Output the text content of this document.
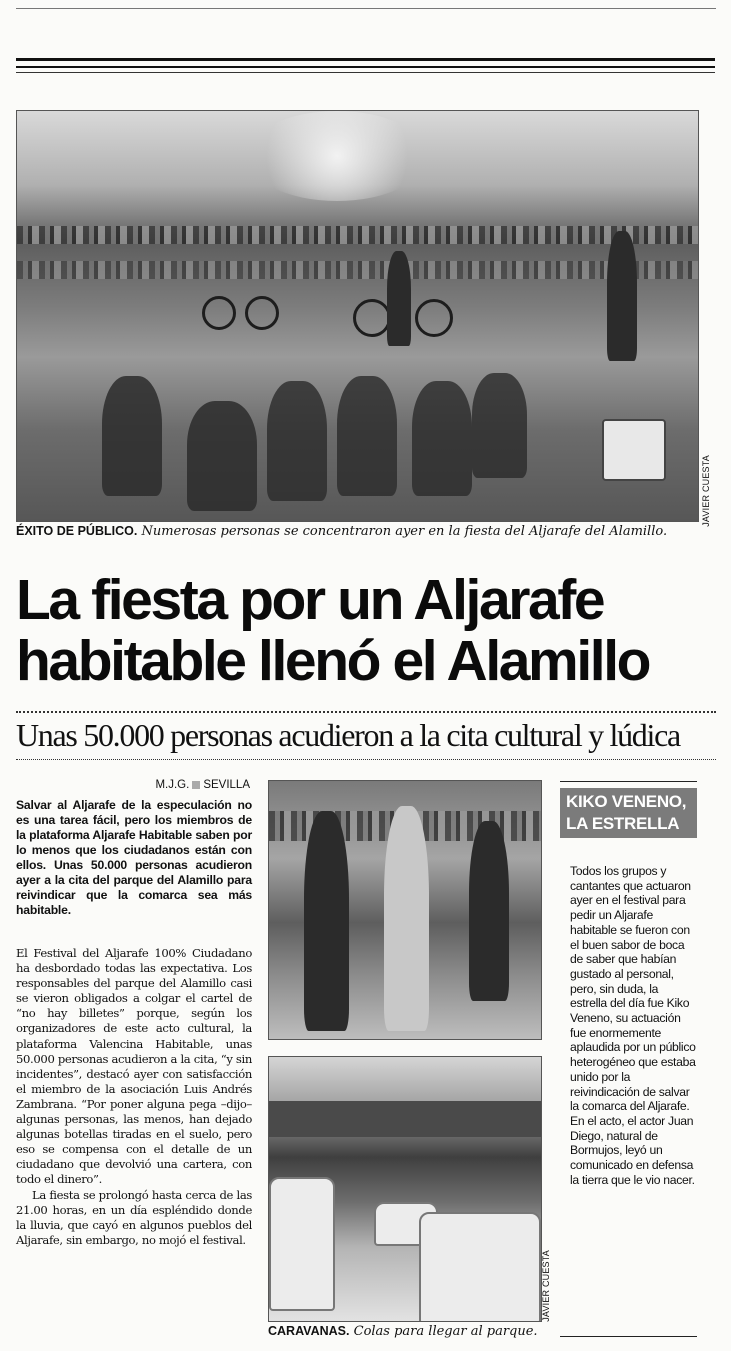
JAVIER CUESTA
ÉXITO DE PÚBLICO. Numerosas personas se concentraron ayer en la fiesta del Aljarafe del Alamillo.
La fiesta por un Aljarafe
habitable llenó el Alamillo
Unas 50.000 personas acudieron a la cita cultural y lúdica
M.J.G. SEVILLA
Salvar al Aljarafe de la especulación no es una tarea fácil, pero los miembros de la plataforma Aljarafe Habitable saben por lo menos que los ciudadanos están con ellos. Unas 50.000 personas acudieron ayer a la cita del parque del Alamillo para reivindicar que la comarca sea más habitable.

El Festival del Aljarafe 100% Ciudadano ha desbordado todas las expectativa. Los responsables del parque del Alamillo casi se vieron obligados a colgar el cartel de “no hay billetes” porque, según los organizadores de este acto cultural, la plataforma Valencina Habitable, unas 50.000 personas acudieron a la cita, “y sin incidentes”, destacó ayer con satisfacción el miembro de la asociación Luis Andrés Zambrana. “Por poner alguna pega –dijo– algunas personas, las menos, han dejado algunas botellas tiradas en el suelo, pero eso se compensa con el detalle de un ciudadano que devolvió una cartera, con todo el dinero”.

La fiesta se prolongó hasta cerca de las 21.00 horas, en un día espléndido donde la lluvia, que cayó en algunos pueblos del Aljarafe, sin embargo, no mojó el festival.

JAVIER CUESTA
CARAVANAS. Colas para llegar al parque.
KIKO VENENO,
LA ESTRELLA
Todos los grupos y cantantes que actuaron ayer en el festival para pedir un Aljarafe habitable se fueron con el buen sabor de boca de saber que habían gustado al personal, pero, sin duda, la estrella del día fue Kiko Veneno, su actuación fue enormemente aplaudida por un público heterogéneo que estaba unido por la reivindicación de salvar la comarca del Aljarafe. En el acto, el actor Juan Diego, natural de Bormujos, leyó un comunicado en defensa la tierra que le vio nacer.
